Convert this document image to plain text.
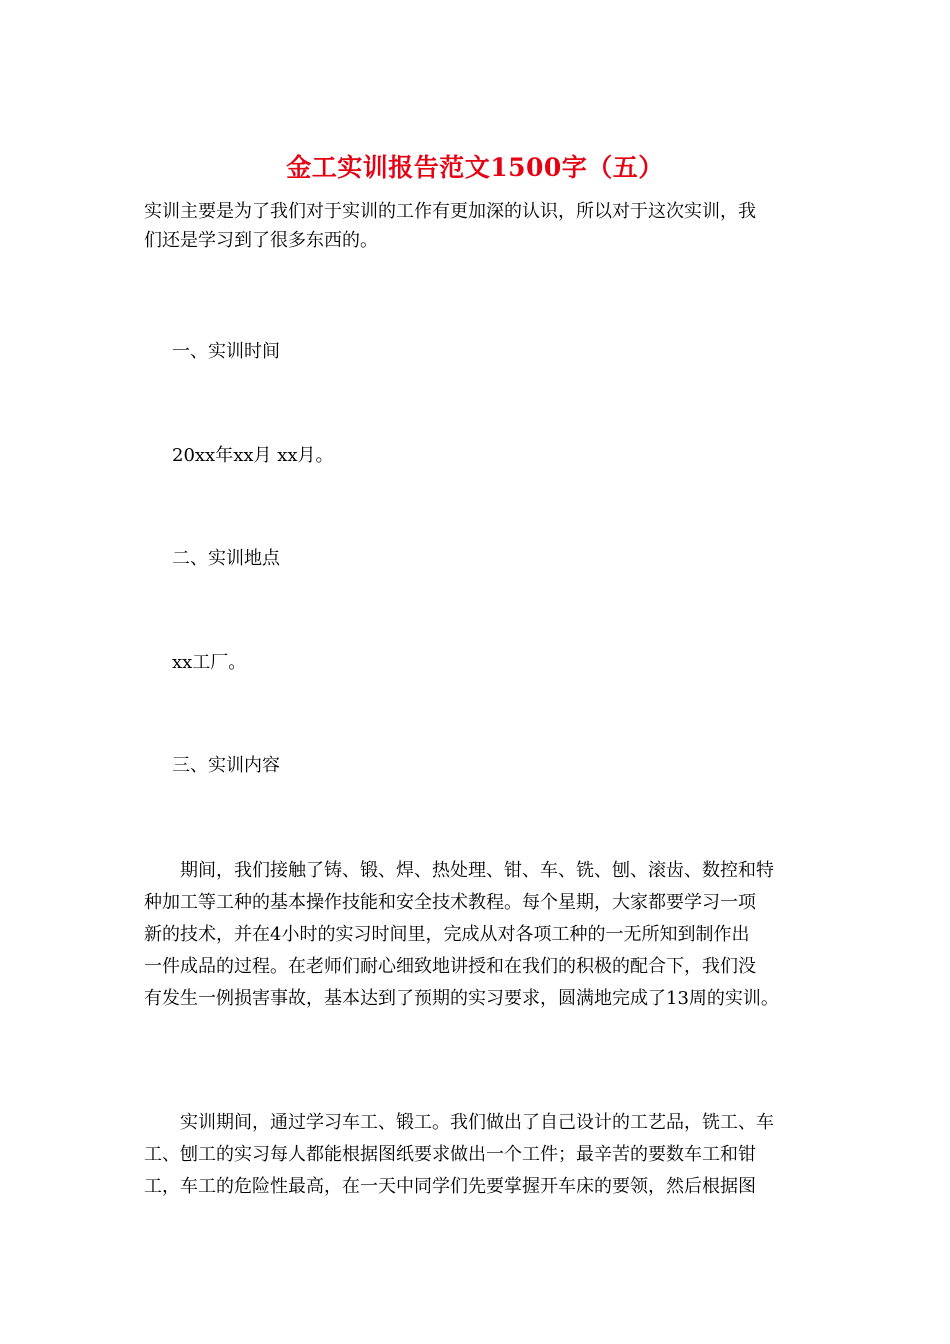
金工实训报告范文1500字（五）
实训主要是为了我们对于实训的工作有更加深的认识，所以对于这次实训，我
们还是学习到了很多东西的。
一、实训时间
20xx年xx月 xx月。
二、实训地点
xx工厂。
三、实训内容
　　期间，我们接触了铸、锻、焊、热处理、钳、车、铣、刨、滚齿、数控和特
种加工等工种的基本操作技能和安全技术教程。每个星期，大家都要学习一项
新的技术，并在4小时的实习时间里，完成从对各项工种的一无所知到制作出
一件成品的过程。在老师们耐心细致地讲授和在我们的积极的配合下，我们没
有发生一例损害事故，基本达到了预期的实习要求，圆满地完成了13周的实训。
　　实训期间，通过学习车工、锻工。我们做出了自己设计的工艺品，铣工、车
工、刨工的实习每人都能根据图纸要求做出一个工件；最辛苦的要数车工和钳
工，车工的危险性最高，在一天中同学们先要掌握开车床的要领，然后根据图
